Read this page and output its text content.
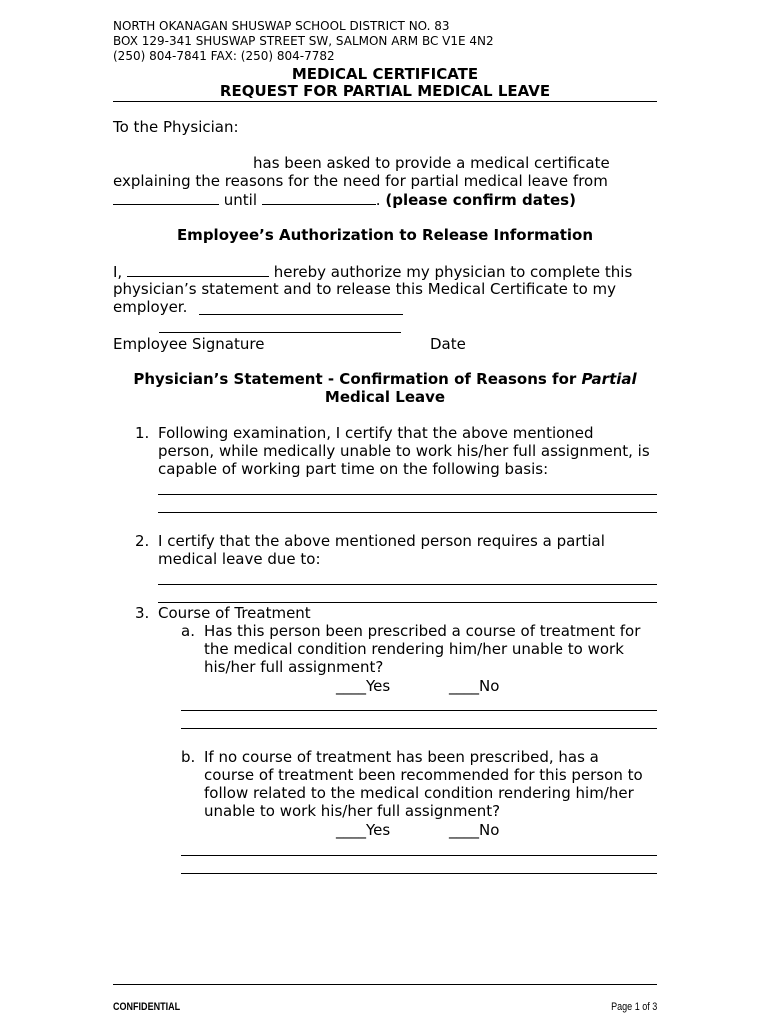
NORTH OKANAGAN SHUSWAP SCHOOL DISTRICT NO. 83
BOX 129-341 SHUSWAP STREET SW, SALMON ARM BC V1E 4N2
(250) 804-7841 FAX: (250) 804-7782
MEDICAL CERTIFICATE
REQUEST FOR PARTIAL MEDICAL LEAVE
To the Physician:
has been asked to provide a medical certificate
explaining the reasons for the need for partial medical leave from
until	. (please confirm dates)
Employee’s Authorization to Release Information
I,	hereby authorize my physician to complete this
physician’s statement and to release this Medical Certificate to my
employer.
Employee Signature	Date
Physician’s Statement - Confirmation of Reasons for Partial
Medical Leave
1. Following examination, I certify that the above mentioned
person, while medically unable to work his/her full assignment, is
capable of working part time on the following basis:
2. I certify that the above mentioned person requires a partial
medical leave due to:
3. Course of Treatment
a. Has this person been prescribed a course of treatment for
the medical condition rendering him/her unable to work
his/her full assignment?
____Yes	____No
b. If no course of treatment has been prescribed, has a
course of treatment been recommended for this person to
follow related to the medical condition rendering him/her
unable to work his/her full assignment?
____Yes	____No
CONFIDENTIAL	Page 1 of 3
